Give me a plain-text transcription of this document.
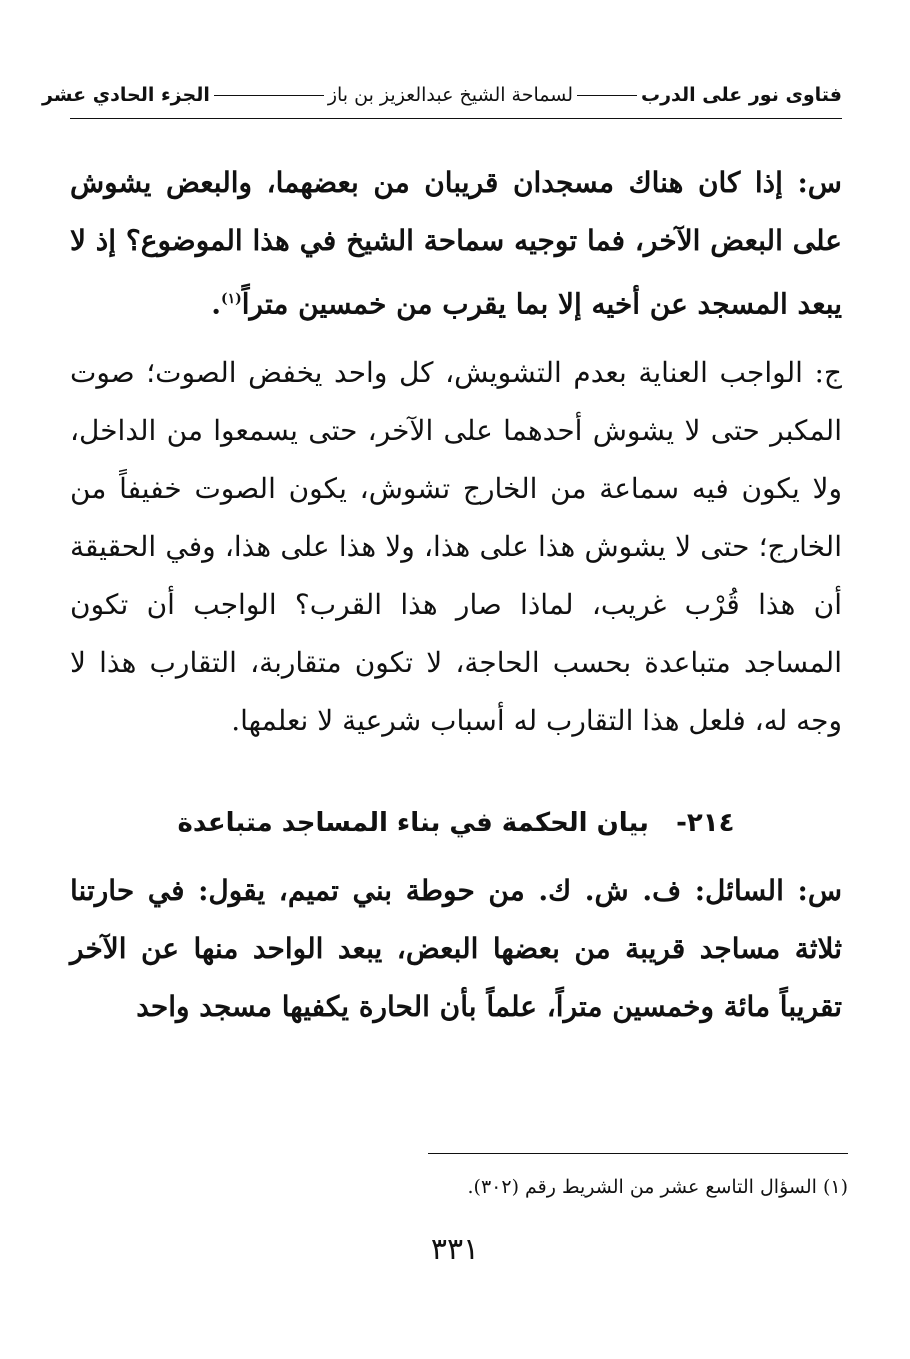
فتاوى نور على الدربلسماحة الشيخ عبدالعزيز بن بازالجزء الحادي عشر
س: إذا كان هناك مسجدان قريبان من بعضهما، والبعض يشوش على البعض الآخر، فما توجيه سماحة الشيخ في هذا الموضوع؟ إذ لا يبعد المسجد عن أخيه إلا بما يقرب من خمسين متراً$^{(١)}$.
ج: الواجب العناية بعدم التشويش، كل واحد يخفض الصوت؛ صوت المكبر حتى لا يشوش أحدهما على الآخر، حتى يسمعوا من الداخل، ولا يكون فيه سماعة من الخارج تشوش، يكون الصوت خفيفاً من الخارج؛ حتى لا يشوش هذا على هذا، ولا هذا على هذا، وفي الحقيقة أن هذا قُرْب غريب، لماذا صار هذا القرب؟ الواجب أن تكون المساجد متباعدة بحسب الحاجة، لا تكون متقاربة، التقارب هذا لا وجه له، فلعل هذا التقارب له أسباب شرعية لا نعلمها.
٢١٤-   بيان الحكمة في بناء المساجد متباعدة
س: السائل: ف. ش. ك. من حوطة بني تميم، يقول: في حارتنا ثلاثة مساجد قريبة من بعضها البعض، يبعد الواحد منها عن الآخر تقريباً مائة وخمسين متراً، علماً بأن الحارة يكفيها مسجد واحد
(١) السؤال التاسع عشر من الشريط رقم (٣٠٢).
٣٣١
